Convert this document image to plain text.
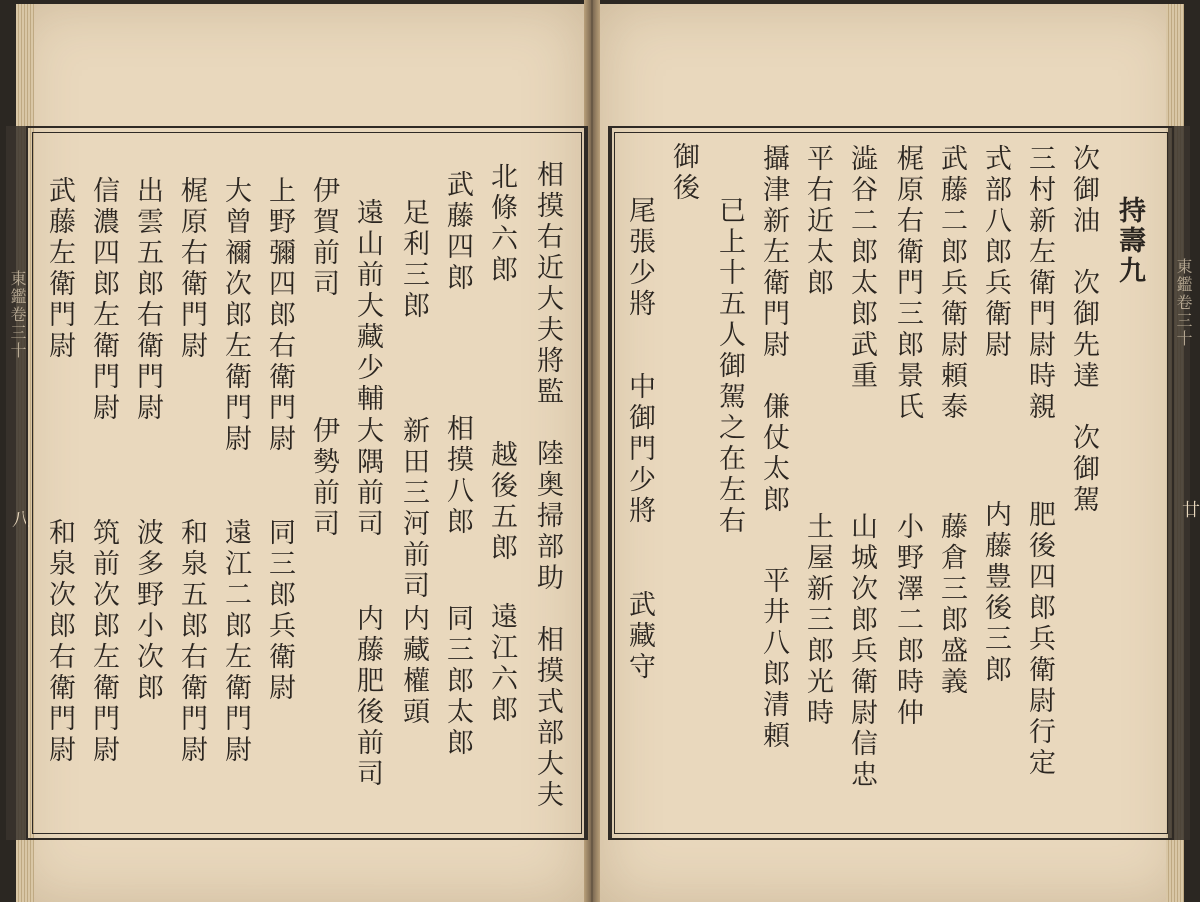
東鑑卷三十
八
東鑑卷三十
廿
相摸右近大夫將監　陸奥掃部助　相摸式部大夫
北條六郎
越後五郎
遠江六郎
武藤四郎
相摸八郎
同三郎太郎
足利三郎
新田三河前司
内藏權頭
遠山前大藏少輔
大隅前司
内藤肥後前司
伊賀前司
伊勢前司
上野彌四郎右衛門尉
同三郎兵衛尉
大曾禰次郎左衛門尉
遠江二郎左衛門尉
梶原右衛門尉
和泉五郎右衛門尉
出雲五郎右衛門尉
波多野小次郎
信濃四郎左衛門尉
筑前次郎左衛門尉
武藤左衛門尉
和泉次郎右衛門尉
持壽九
次御油　次御先達　次御駕
三村新左衛門尉時親
肥後四郎兵衛尉行定
式部八郎兵衛尉
内藤豊後三郎
武藤二郎兵衛尉頼泰
藤倉三郎盛義
梶原右衛門三郎景氏
小野澤二郎時仲
澁谷二郎太郎武重
山城次郎兵衛尉信忠
平右近太郎
土屋新三郎光時
攝津新左衛門尉　傔仗太郎
平井八郎清頼
已上十五人御駕之在左右
御後
尾張少將
中御門少將
武藏守
